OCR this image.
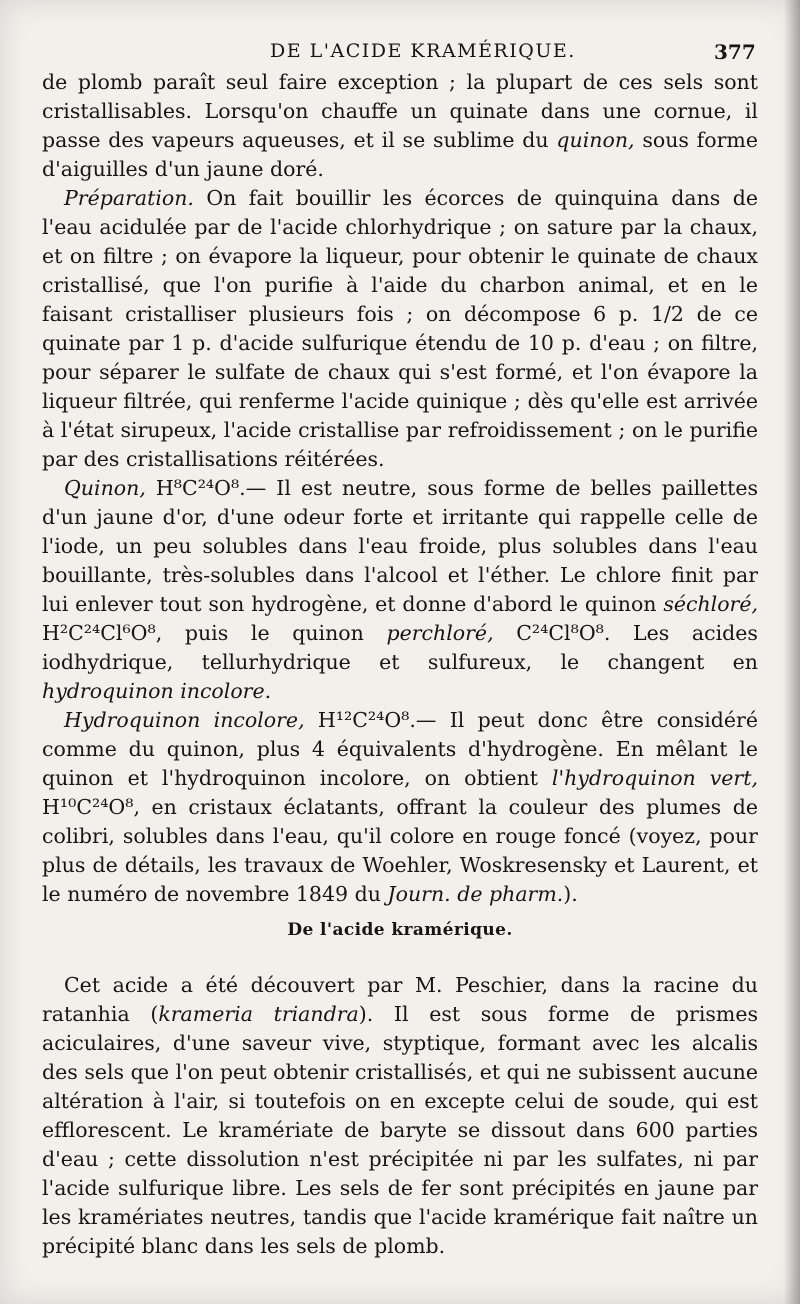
DE L'ACIDE KRAMÉRIQUE.	377

de plomb paraît seul faire exception ; la plupart de ces sels sont cristallisables. Lorsqu'on chauffe un quinate dans une cornue, il passe des vapeurs aqueuses, et il se sublime du quinon, sous forme d'aiguilles d'un jaune doré.

Préparation. On fait bouillir les écorces de quinquina dans de l'eau acidulée par de l'acide chlorhydrique ; on sature par la chaux, et on filtre ; on évapore la liqueur, pour obtenir le quinate de chaux cristallisé, que l'on purifie à l'aide du charbon animal, et en le faisant cristalliser plusieurs fois ; on décompose 6 p. 1/2 de ce quinate par 1 p. d'acide sulfurique étendu de 10 p. d'eau ; on filtre, pour séparer le sulfate de chaux qui s'est formé, et l'on évapore la liqueur filtrée, qui renferme l'acide quinique ; dès qu'elle est arrivée à l'état sirupeux, l'acide cristallise par refroidissement ; on le purifie par des cristallisations réitérées.

Quinon, H⁸C²⁴O⁸.— Il est neutre, sous forme de belles paillettes d'un jaune d'or, d'une odeur forte et irritante qui rappelle celle de l'iode, un peu solubles dans l'eau froide, plus solubles dans l'eau bouillante, très-solubles dans l'alcool et l'éther. Le chlore finit par lui enlever tout son hydrogène, et donne d'abord le quinon séchloré, H²C²⁴Cl⁶O⁸, puis le quinon perchloré, C²⁴Cl⁸O⁸. Les acides iodhydrique, tellurhydrique et sulfureux, le changent en hydroquinon incolore.

Hydroquinon incolore, H¹²C²⁴O⁸.— Il peut donc être considéré comme du quinon, plus 4 équivalents d'hydrogène. En mêlant le quinon et l'hydroquinon incolore, on obtient l'hydroquinon vert, H¹⁰C²⁴O⁸, en cristaux éclatants, offrant la couleur des plumes de colibri, solubles dans l'eau, qu'il colore en rouge foncé (voyez, pour plus de détails, les travaux de Woehler, Woskresensky et Laurent, et le numéro de novembre 1849 du Journ. de pharm.).

De l'acide kramérique.

Cet acide a été découvert par M. Peschier, dans la racine du ratanhia (krameria triandra). Il est sous forme de prismes aciculaires, d'une saveur vive, styptique, formant avec les alcalis des sels que l'on peut obtenir cristallisés, et qui ne subissent aucune altération à l'air, si toutefois on en excepte celui de soude, qui est efflorescent. Le kramériate de baryte se dissout dans 600 parties d'eau ; cette dissolution n'est précipitée ni par les sulfates, ni par l'acide sulfurique libre. Les sels de fer sont précipités en jaune par les kramériates neutres, tandis que l'acide kramérique fait naître un précipité blanc dans les sels de plomb.
